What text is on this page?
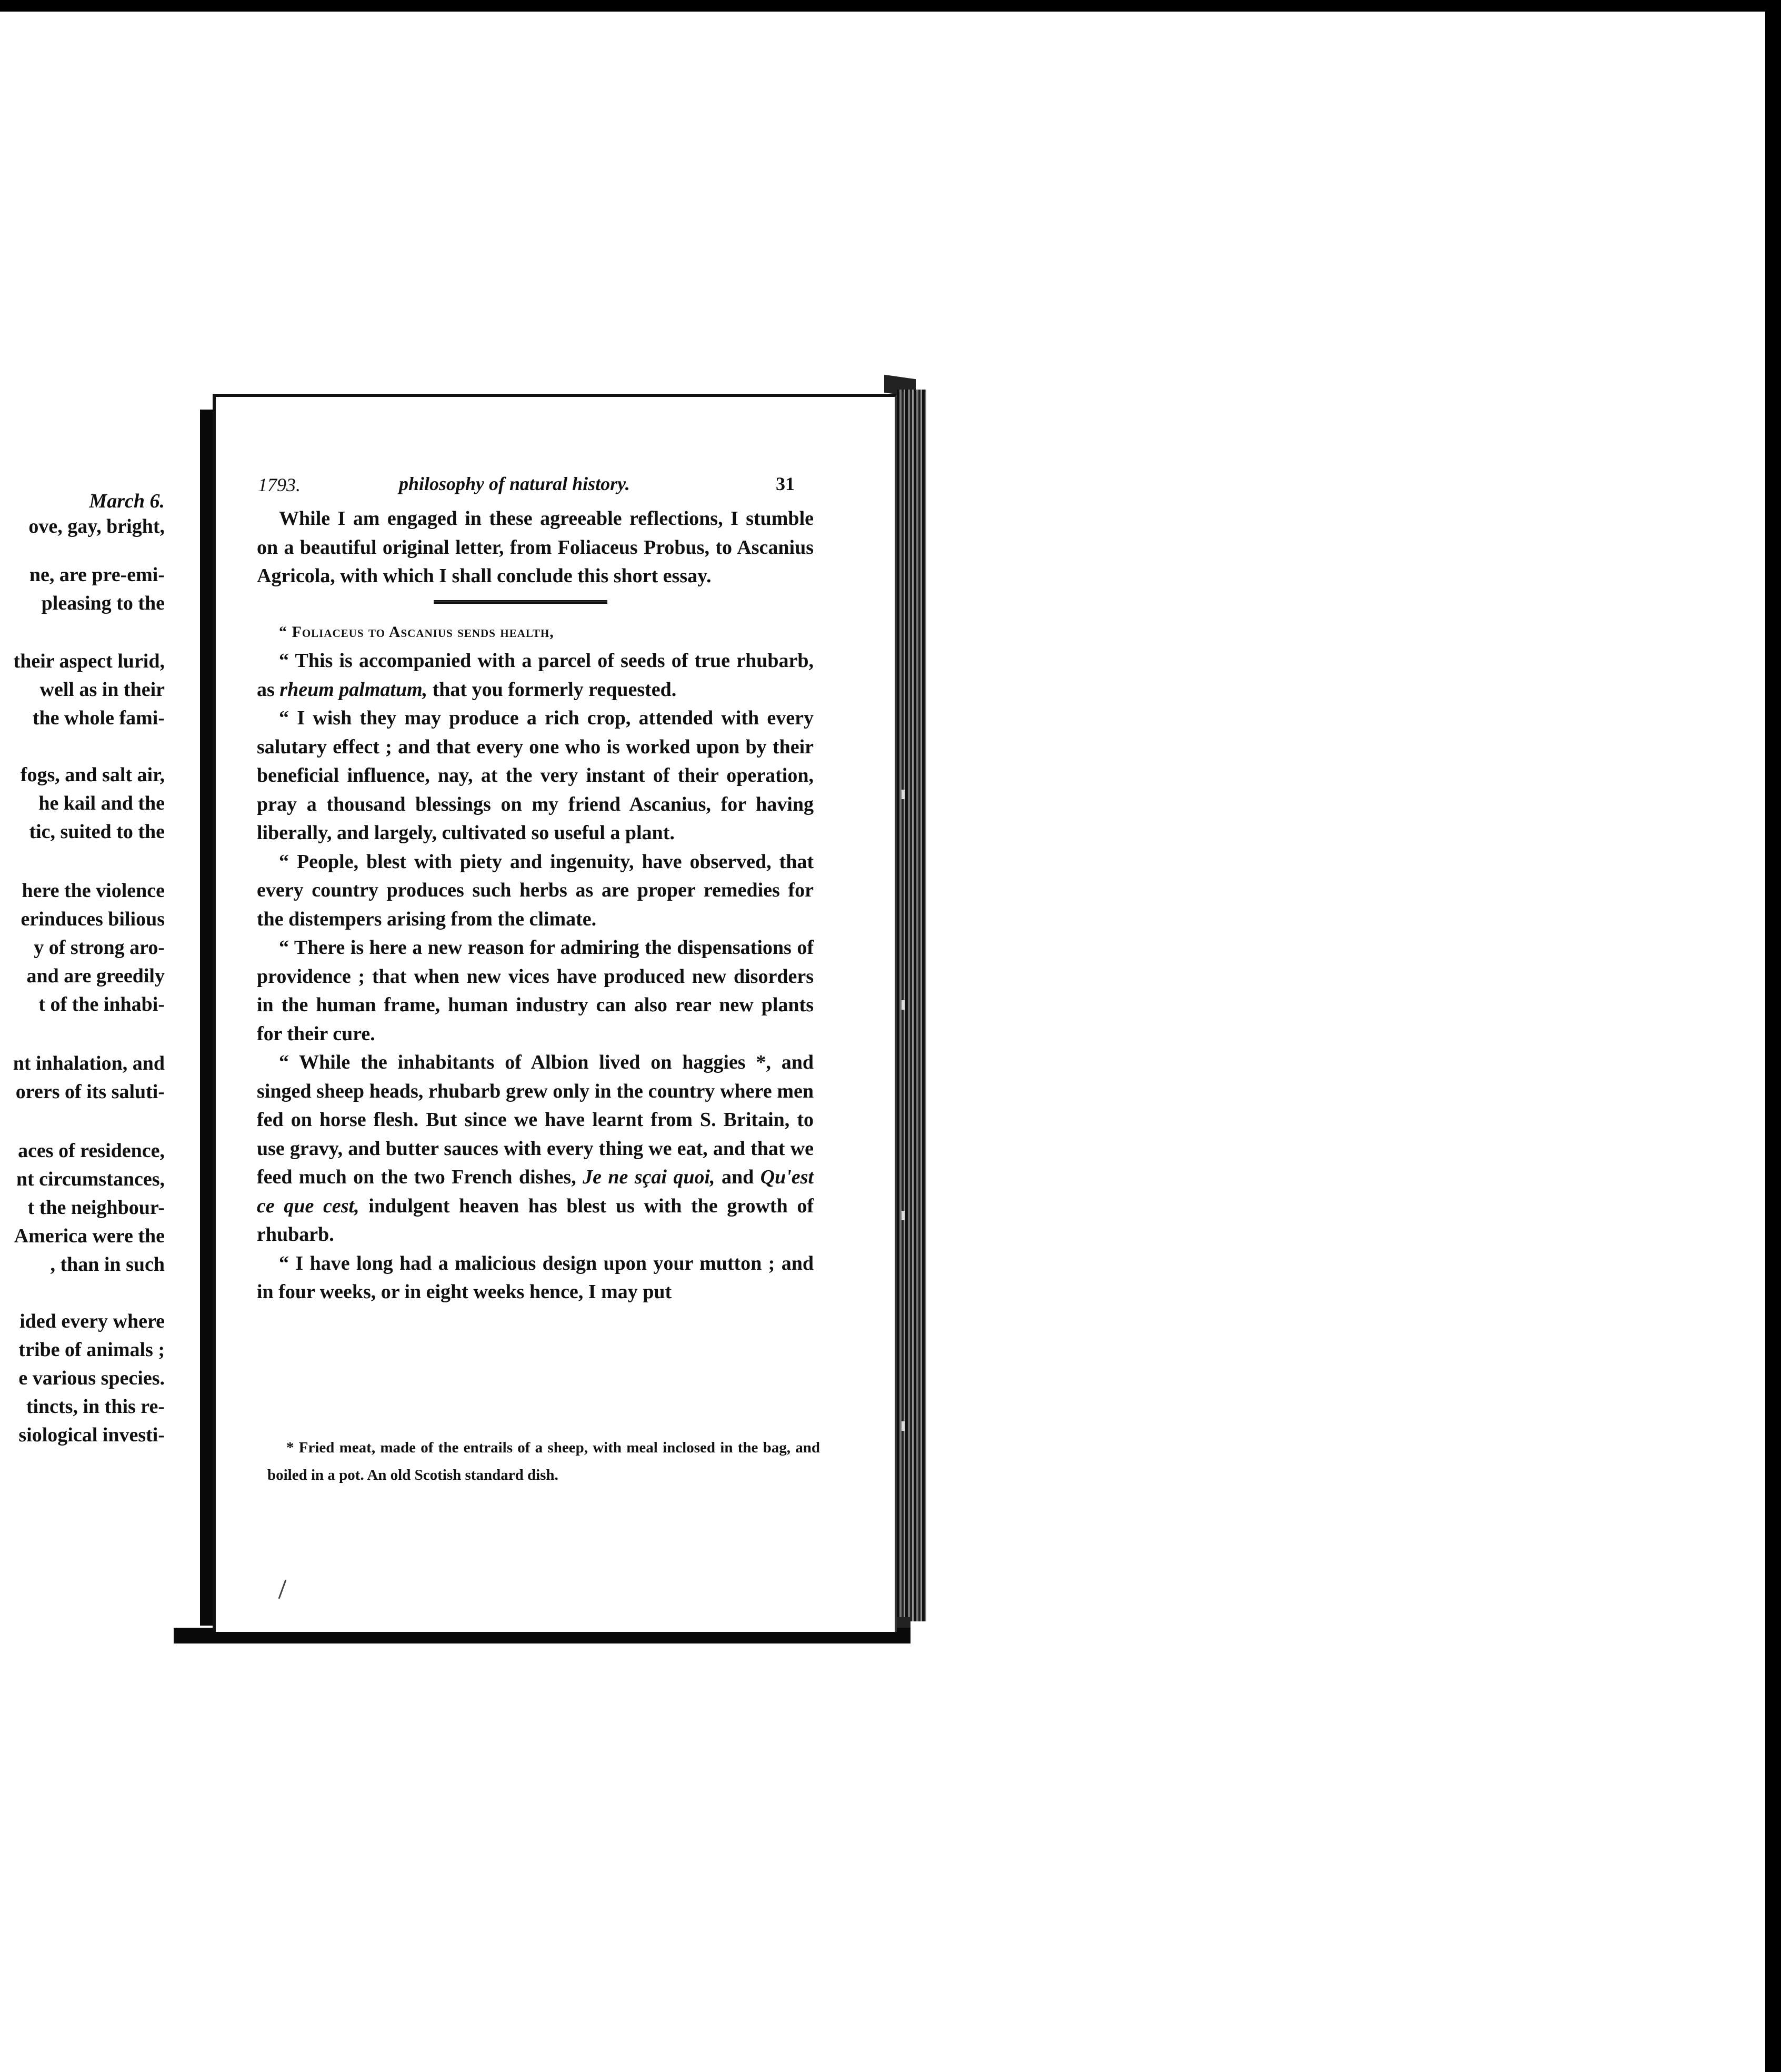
March 6.
ove, gay, bright,
ne, are pre-emi-
pleasing to the
their aspect lurid,
well as in their
the whole fami-
fogs, and salt air,
he kail and the
tic, suited to the
here the violence
erinduces bilious
y of strong aro-
and are greedily
t of the inhabi-
nt inhalation, and
orers of its saluti-
aces of residence,
nt circumstances,
t the neighbour-
America were the
, than in such
ided every where
tribe of animals ;
e various species.
tincts, in this re-
siological investi-
1793.	philosophy of natural history.	31

While I am engaged in these agreeable reflections, I stumble on a beautiful original letter, from Foliaceus Probus, to Ascanius Agricola, with which I shall conclude this short essay.

“ Foliaceus to Ascanius sends health,

“ This is accompanied with a parcel of seeds of true rhubarb, as rheum palmatum, that you formerly requested.

“ I wish they may produce a rich crop, attended with every salutary effect ; and that every one who is worked upon by their beneficial influence, nay, at the very instant of their operation, pray a thousand blessings on my friend Ascanius, for having liberally, and largely, cultivated so useful a plant.

“ People, blest with piety and ingenuity, have observed, that every country produces such herbs as are proper remedies for the distempers arising from the climate.

“ There is here a new reason for admiring the dispensations of providence ; that when new vices have produced new disorders in the human frame, human industry can also rear new plants for their cure.

“ While the inhabitants of Albion lived on haggies *, and singed sheep heads, rhubarb grew only in the country where men fed on horse flesh. But since we have learnt from S. Britain, to use gravy, and butter sauces with every thing we eat, and that we feed much on the two French dishes, Je ne sçai quoi, and Qu'est ce que cest, indulgent heaven has blest us with the growth of rhubarb.

“ I have long had a malicious design upon your mutton ; and in four weeks, or in eight weeks hence, I may put

* Fried meat, made of the entrails of a sheep, with meal inclosed in the bag, and boiled in a pot. An old Scotish standard dish.
